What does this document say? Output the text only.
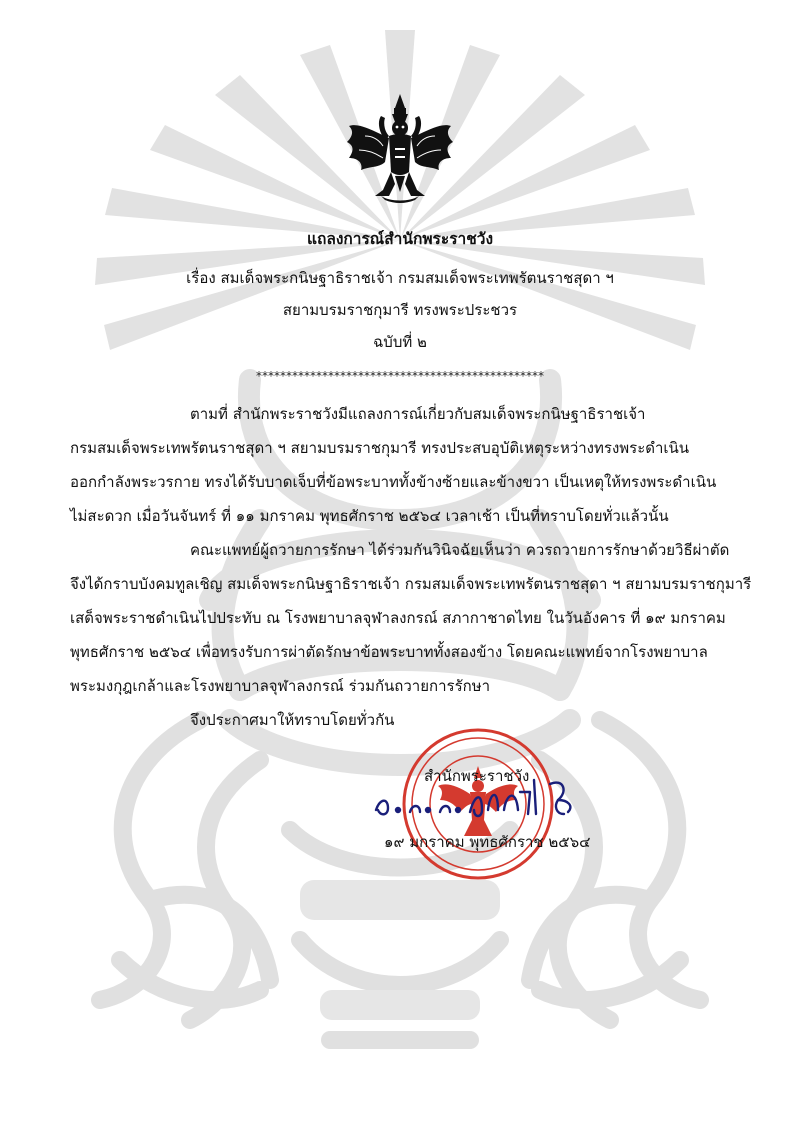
แถลงการณ์สำนักพระราชวัง
เรื่อง สมเด็จพระกนิษฐาธิราชเจ้า กรมสมเด็จพระเทพรัตนราชสุดา ฯ
สยามบรมราชกุมารี ทรงพระประชวร
ฉบับที่ ๒
************************************************
ตามที่ สำนักพระราชวังมีแถลงการณ์เกี่ยวกับสมเด็จพระกนิษฐาธิราชเจ้า
กรมสมเด็จพระเทพรัตนราชสุดา ฯ สยามบรมราชกุมารี ทรงประสบอุบัติเหตุระหว่างทรงพระดำเนิน
ออกกำลังพระวรกาย ทรงได้รับบาดเจ็บที่ข้อพระบาททั้งข้างซ้ายและข้างขวา เป็นเหตุให้ทรงพระดำเนิน
ไม่สะดวก เมื่อวันจันทร์ ที่ ๑๑ มกราคม พุทธศักราช ๒๕๖๔ เวลาเช้า เป็นที่ทราบโดยทั่วแล้วนั้น
คณะแพทย์ผู้ถวายการรักษา ได้ร่วมกันวินิจฉัยเห็นว่า ควรถวายการรักษาด้วยวิธีผ่าตัด
จึงได้กราบบังคมทูลเชิญ สมเด็จพระกนิษฐาธิราชเจ้า กรมสมเด็จพระเทพรัตนราชสุดา ฯ สยามบรมราชกุมารี
เสด็จพระราชดำเนินไปประทับ ณ โรงพยาบาลจุฬาลงกรณ์ สภากาชาดไทย ในวันอังคาร ที่ ๑๙ มกราคม
พุทธศักราช ๒๕๖๔ เพื่อทรงรับการผ่าตัดรักษาข้อพระบาททั้งสองข้าง โดยคณะแพทย์จากโรงพยาบาล
พระมงกุฎเกล้าและโรงพยาบาลจุฬาลงกรณ์ ร่วมกันถวายการรักษา
จึงประกาศมาให้ทราบโดยทั่วกัน
สำนักพระราชวัง
๑๙ มกราคม พุทธศักราช ๒๕๖๔
